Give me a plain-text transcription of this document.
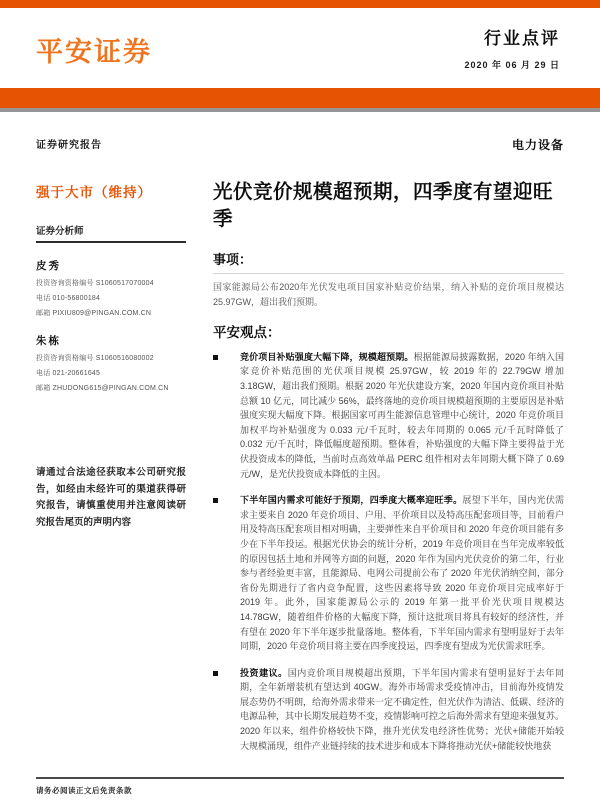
平安证券	行业点评
2020 年 06 月 29 日
证券研究报告
强于大市（维持）
证券分析师
皮秀
投资咨询资格编号 S1060517070004
电话 010-56800184
邮箱 PIXIU809@PINGAN.COM.CN
朱栋
投资咨询资格编号 S1060516080002
电话 021-20661645
邮箱 ZHUDONG615@PINGAN.COM.CN
请通过合法途径获取本公司研究报告，如经由未经许可的渠道获得研究报告，请慎重使用并注意阅读研究报告尾页的声明内容
电力设备
光伏竞价规模超预期，四季度有望迎旺季
事项：

国家能源局公布2020年光伏发电项目国家补贴竞价结果，纳入补贴的竞价项目规模达 25.97GW，超出我们预期。

平安观点：

竞价项目补贴强度大幅下降，规模超预期。根据能源局披露数据，2020 年纳入国家竞价补贴范围的光伏项目规模 25.97GW，较 2019 年的 22.79GW 增加 3.18GW，超出我们预期。根据 2020 年光伏建设方案，2020 年国内竞价项目补贴总额 10 亿元，同比减少 56%，最终落地的竞价项目规模超预期的主要原因是补贴强度实现大幅度下降。根据国家可再生能源信息管理中心统计，2020 年竞价项目加权平均补贴强度为 0.033 元/千瓦时，较去年同期的 0.065 元/千瓦时降低了 0.032 元/千瓦时，降低幅度超预期。整体看，补贴强度的大幅下降主要得益于光伏投资成本的降低，当前时点高效单晶 PERC 组件相对去年同期大概下降了 0.69 元/W，是光伏投资成本降低的主因。

下半年国内需求可能好于预期，四季度大概率迎旺季。展望下半年，国内光伏需求主要来自 2020 年竞价项目、户用、平价项目以及特高压配套项目等，目前看户用及特高压配套项目相对明确，主要弹性来自平价项目和 2020 年竞价项目能有多少在下半年投运。根据光伏协会的统计分析，2019 年竞价项目在当年完成率较低的原因包括土地和并网等方面的问题，2020 年作为国内光伏竞价的第二年，行业参与者经验更丰富，且能源局、电网公司提前公布了 2020 年光伏消纳空间，部分省份先期进行了省内竞争配置，这些因素将导致 2020 年竞价项目完成率好于 2019 年。此外，国家能源局公示的 2019 年第一批平价光伏项目规模达 14.78GW，随着组件价格的大幅度下降，预计这批项目将具有较好的经济性，并有望在 2020 年下半年逐步批量落地。整体看，下半年国内需求有望明显好于去年同期，2020 年竞价项目将主要在四季度投运，四季度有望成为光伏需求旺季。

投资建议。国内竞价项目规模超出预期，下半年国内需求有望明显好于去年同期，全年新增装机有望达到 40GW。海外市场需求受疫情冲击，目前海外疫情发展态势仍不明朗，给海外需求带来一定不确定性，但光伏作为清洁、低碳、经济的电源品种，其中长期发展趋势不变，疫情影响可控之后海外需求有望迎来强复苏。2020 年以来，组件价格较快下降，推升光伏发电经济性优势；光伏+储能开始较大规模涌现，组件产业链持续的技术进步和成本下降将推动光伏+储能较快地获

请务必阅读正文后免责条款
